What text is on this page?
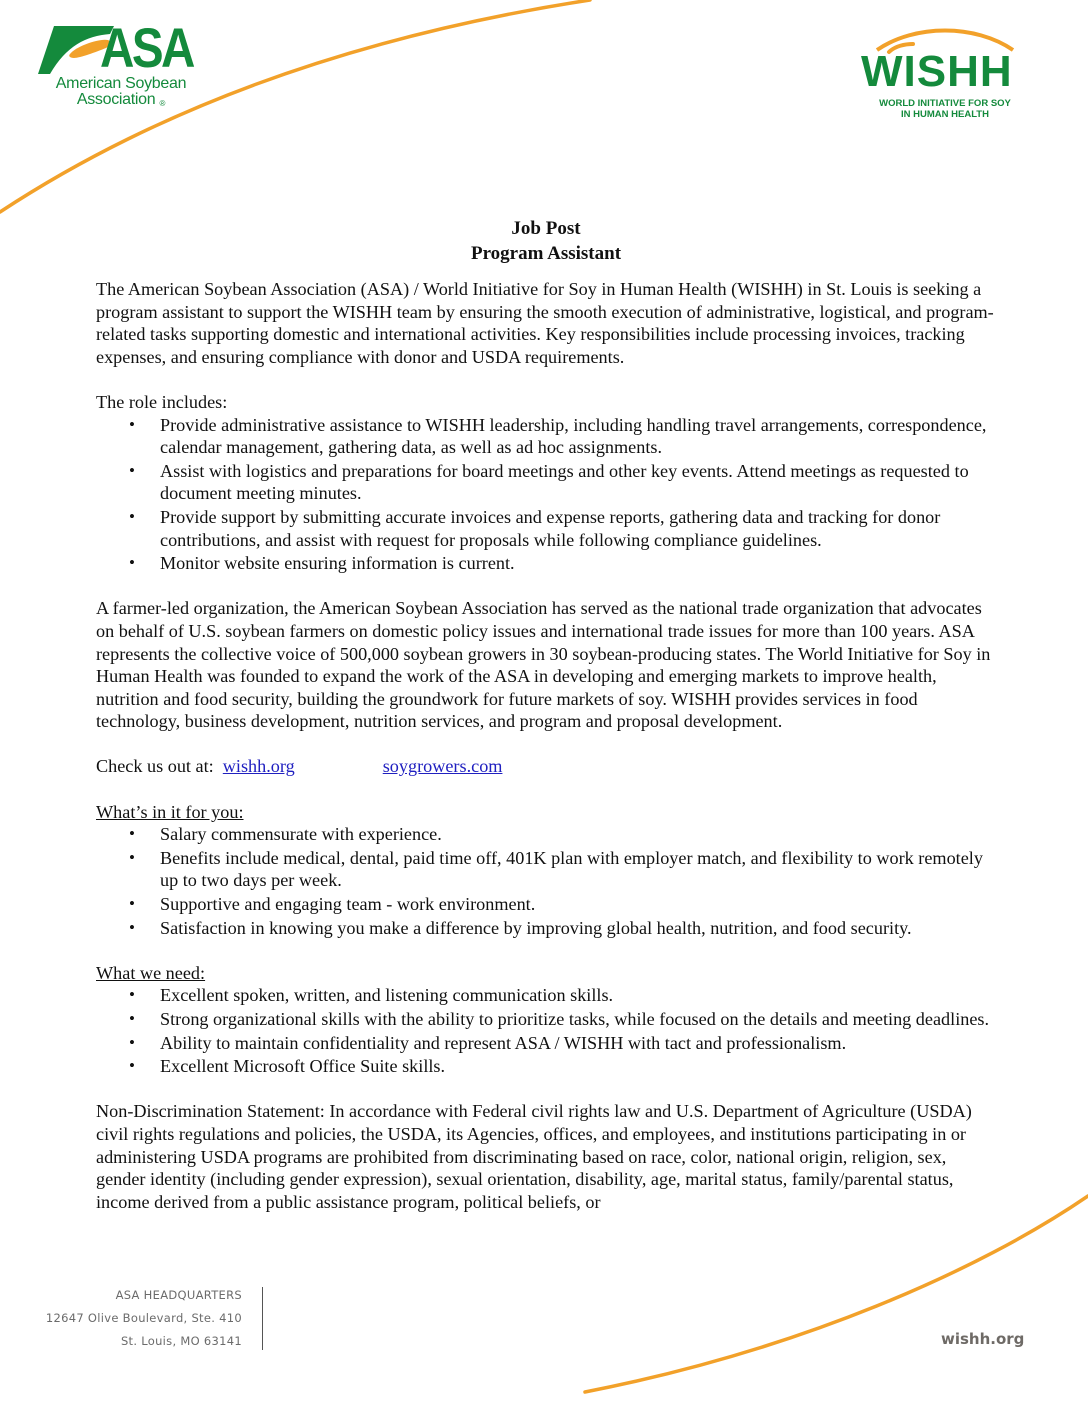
ASA
American Soybean
Association ®
WISHH
WORLD INITIATIVE FOR SOY
IN HUMAN HEALTH
Job Post
Program Assistant

The American Soybean Association (ASA) / World Initiative for Soy in Human Health (WISHH) in St. Louis is seeking a program assistant to support the WISHH team by ensuring the smooth execution of administrative, logistical, and program-related tasks supporting domestic and international activities. Key responsibilities include processing invoices, tracking expenses, and ensuring compliance with donor and USDA requirements.

The role includes:

• Provide administrative assistance to WISHH leadership, including handling travel arrangements, correspondence, calendar management, gathering data, as well as ad hoc assignments.
• Assist with logistics and preparations for board meetings and other key events. Attend meetings as requested to document meeting minutes.
• Provide support by submitting accurate invoices and expense reports, gathering data and tracking for donor contributions, and assist with request for proposals while following compliance guidelines.
• Monitor website ensuring information is current.

A farmer-led organization, the American Soybean Association has served as the national trade organization that advocates on behalf of U.S. soybean farmers on domestic policy issues and international trade issues for more than 100 years. ASA represents the collective voice of 500,000 soybean growers in 30 soybean-producing states. The World Initiative for Soy in Human Health was founded to expand the work of the ASA in developing and emerging markets to improve health, nutrition and food security, building the groundwork for future markets of soy. WISHH provides services in food technology, business development, nutrition services, and program and proposal development.

Check us out at: wishh.org	soygrowers.com

What’s in it for you:

• Salary commensurate with experience.
• Benefits include medical, dental, paid time off, 401K plan with employer match, and flexibility to work remotely up to two days per week.
• Supportive and engaging team - work environment.
• Satisfaction in knowing you make a difference by improving global health, nutrition, and food security.

What we need:

• Excellent spoken, written, and listening communication skills.
• Strong organizational skills with the ability to prioritize tasks, while focused on the details and meeting deadlines.
• Ability to maintain confidentiality and represent ASA / WISHH with tact and professionalism.
• Excellent Microsoft Office Suite skills.

Non-Discrimination Statement: In accordance with Federal civil rights law and U.S. Department of Agriculture (USDA) civil rights regulations and policies, the USDA, its Agencies, offices, and employees, and institutions participating in or administering USDA programs are prohibited from discriminating based on race, color, national origin, religion, sex, gender identity (including gender expression), sexual orientation, disability, age, marital status, family/parental status, income derived from a public assistance program, political beliefs, or

ASA HEADQUARTERS
12647 Olive Boulevard, Ste. 410
St. Louis, MO 63141	wishh.org
